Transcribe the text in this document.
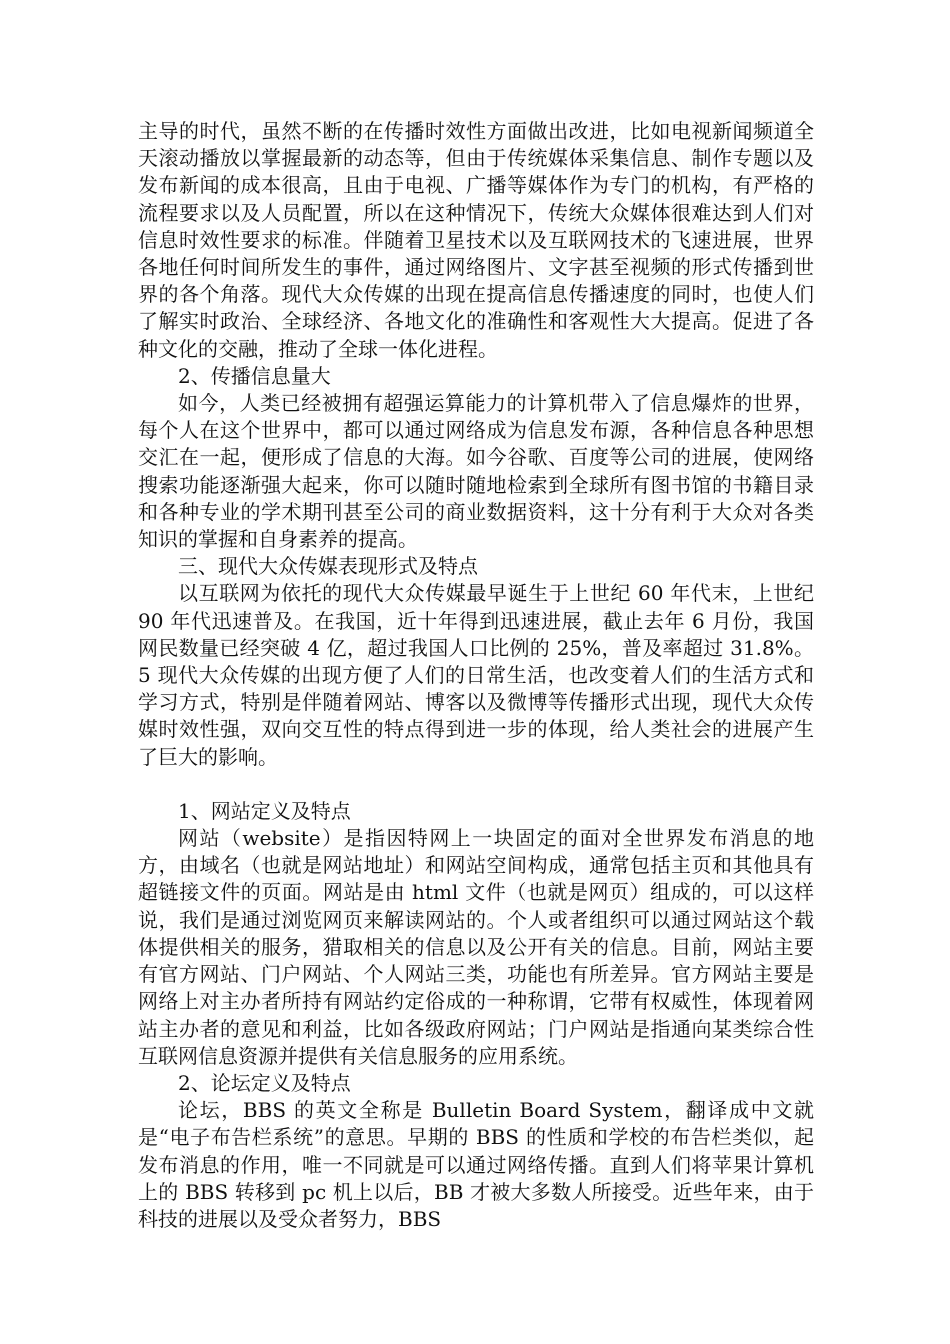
主导的时代，虽然不断的在传播时效性方面做出改进，比如电视新闻频道全天滚动播放以掌握最新的动态等，但由于传统媒体采集信息、制作专题以及发布新闻的成本很高，且由于电视、广播等媒体作为专门的机构，有严格的流程要求以及人员配置，所以在这种情况下，传统大众媒体很难达到人们对信息时效性要求的标准。伴随着卫星技术以及互联网技术的飞速进展，世界各地任何时间所发生的事件，通过网络图片、文字甚至视频的形式传播到世界的各个角落。现代大众传媒的出现在提高信息传播速度的同时，也使人们了解实时政治、全球经济、各地文化的准确性和客观性大大提高。促进了各种文化的交融，推动了全球一体化进程。

2、传播信息量大

如今，人类已经被拥有超强运算能力的计算机带入了信息爆炸的世界，每个人在这个世界中，都可以通过网络成为信息发布源，各种信息各种思想交汇在一起，便形成了信息的大海。如今谷歌、百度等公司的进展，使网络搜索功能逐渐强大起来，你可以随时随地检索到全球所有图书馆的书籍目录和各种专业的学术期刊甚至公司的商业数据资料，这十分有利于大众对各类知识的掌握和自身素养的提高。

三、现代大众传媒表现形式及特点

以互联网为依托的现代大众传媒最早诞生于上世纪 60 年代末，上世纪 90 年代迅速普及。在我国，近十年得到迅速进展，截止去年 6 月份，我国网民数量已经突破 4 亿，超过我国人口比例的 25%，普及率超过 31.8%。5 现代大众传媒的出现方便了人们的日常生活，也改变着人们的生活方式和学习方式，特别是伴随着网站、博客以及微博等传播形式出现，现代大众传媒时效性强，双向交互性的特点得到进一步的体现，给人类社会的进展产生了巨大的影响。

1、网站定义及特点

网站（website）是指因特网上一块固定的面对全世界发布消息的地方，由域名（也就是网站地址）和网站空间构成，通常包括主页和其他具有超链接文件的页面。网站是由 html 文件（也就是网页）组成的，可以这样说，我们是通过浏览网页来解读网站的。个人或者组织可以通过网站这个载体提供相关的服务，猎取相关的信息以及公开有关的信息。目前，网站主要有官方网站、门户网站、个人网站三类，功能也有所差异。官方网站主要是网络上对主办者所持有网站约定俗成的一种称谓，它带有权威性，体现着网站主办者的意见和利益，比如各级政府网站；门户网站是指通向某类综合性互联网信息资源并提供有关信息服务的应用系统。

2、论坛定义及特点

论坛，BBS 的英文全称是 Bulletin Board System，翻译成中文就是“电子布告栏系统”的意思。早期的 BBS 的性质和学校的布告栏类似，起发布消息的作用，唯一不同就是可以通过网络传播。直到人们将苹果计算机上的 BBS 转移到 pc 机上以后，BB 才被大多数人所接受。近些年来，由于科技的进展以及受众者努力，BBS
